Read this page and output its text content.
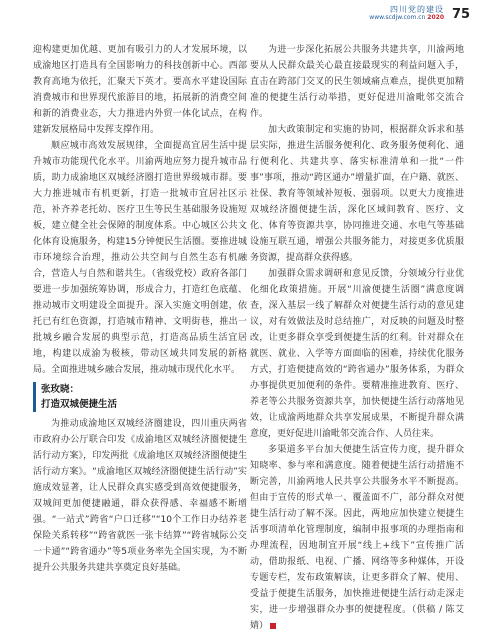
四川党的建设
www.scdjw.com.cn 2020 75

迎构建更加优越、更加有吸引力的人才发展环境，以成渝地区打造具有全国影响力的科技创新中心。西部教育高地为依托，汇聚天下英才。要高水平建设国际消费城市和世界现代旅游目的地，拓展新的消费空间和新的消费业态，大力推进内外贸一体化试点，在构建新发展格局中发挥支撑作用。

顺应城市高效发展规律，全面提高宜居生活中提升城市功能现代化水平。川渝两地应努力提升城市品质，助力成渝地区双城经济圈打造世界级城市群。要大力推进城市有机更新，打造一批城市宜居社区示范，补齐养老托幼、医疗卫生等民生基础服务设施短板，建立健全社会保障的制度体系。中心城区公共文化体育设施服务，构建15分钟便民生活圈。要推进城市环境综合治理，推动公共空间与自然生态有机融合，营造人与自然和谐共生。（省级党校）政府各部门要进一步加强统筹协调，形成合力，打造红色底蕴、推动城市文明建设全面提升。深入实施文明创建，依托已有红色资源，打造城市精神、文明街巷，推出一批城乡融合发展的典型示范，打造高品质生活宜居地，构建以成渝为极核，带动区域共同发展的新格局。全面推进城乡融合发展，推动城市现代化水平。

张玫晓：
打造双城便捷生活

为推动成渝地区双城经济圈建设，四川重庆两省市政府办公厅联合印发《成渝地区双城经济圈便捷生活行动方案》，印发两批《成渝地区双城经济圈便捷生活行动方案》。“成渝地区双城经济圈便捷生活行动”实施成效显著，让人民群众真实感受到高效便捷服务，双城间更加便捷融通，群众获得感、幸福感不断增强。“一站式”跨省“户口迁移”“10个工作日办结养老保险关系转移”“跨省就医一张卡结算”“跨省城际公交一卡通”“跨省通办”等5项业务率先全国实现，为不断提升公共服务共建共享奠定良好基础。

为进一步深化拓展公共服务共建共享，川渝两地要从人民群众最关心最直接最现实的利益问题入手，直击在跨部门交叉的民生领域痛点难点，提供更加精准的便捷生活行动举措，更好促进川渝毗邻交流合作。

加大政策制定和实施的协同，根据群众诉求和基层实际，推进生活服务便利化、政务服务便利化、通行便利化、共建共享、落实标准清单和一批“一件事”事项，推动“跨区通办”增量扩面，在户籍、就医、社保、教育等领域补短板、强弱项。以更大力度推进双城经济圈便捷生活，深化区域间教育、医疗、文化、体育等资源共享，协同推进交通、水电气等基础设施互联互通，增强公共服务能力，对接更多优质服务资源，提高群众获得感。

加强群众需求调研和意见反馈，分领域分行业优化细化政策措施。开展“川渝便捷生活圈”满意度调查，深入基层一线了解群众对便捷生活行动的意见建议，对有效做法及时总结推广，对反映的问题及时整改，让更多群众享受到便捷生活的红利。针对群众在就医、就业、入学等方面面临的困难，持续优化服务方式，打造便捷高效的“跨省通办”服务体系，为群众办事提供更加便利的条件。要精准推进教育、医疗、养老等公共服务资源共享，加快便捷生活行动落地见效，让成渝两地群众共享发展成果，不断提升群众满意度，更好促进川渝毗邻交流合作、人员往来。

多渠道多平台加大便捷生活宣传力度，提升群众知晓率、参与率和满意度。随着便捷生活行动措施不断完善，川渝两地人民共享公共服务水平不断提高。但由于宣传的形式单一、覆盖面不广，部分群众对便捷生活行动了解不深。因此，两地应加快建立便捷生活事项清单化管理制度，编制申报事项的办理指南和办理流程，因地制宜开展“线上+线下”宣传推广活动，借助报纸、电视、广播、网络等多种媒体，开设专题专栏，发布政策解读，让更多群众了解、使用、受益于便捷生活服务，加快推进便捷生活行动走深走实，进一步增强群众办事的便捷程度。（供稿 / 陈艾婧）
